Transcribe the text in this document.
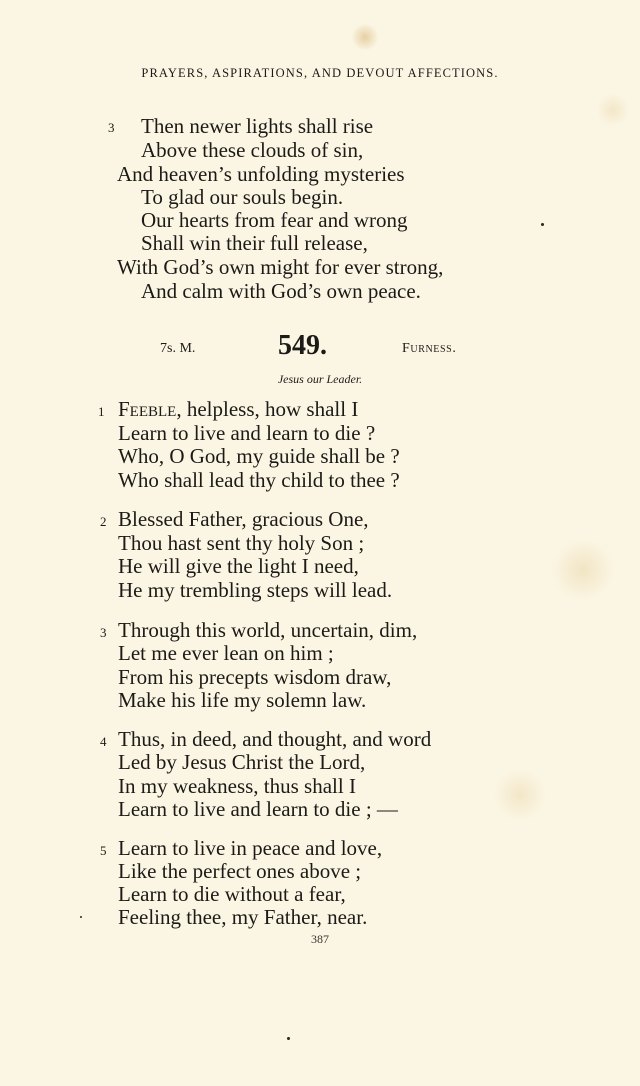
PRAYERS, ASPIRATIONS, AND DEVOUT AFFECTIONS.
3 Then newer lights shall rise
Above these clouds of sin,
And heaven’s unfolding mysteries
To glad our souls begin.
Our hearts from fear and wrong
Shall win their full release,
With God’s own might for ever strong,
And calm with God’s own peace.
7s. M.	549.	Furness.
Jesus our Leader.
1 Feeble, helpless, how shall I
Learn to live and learn to die ?
Who, O God, my guide shall be ?
Who shall lead thy child to thee ?
2 Blessed Father, gracious One,
Thou hast sent thy holy Son ;
He will give the light I need,
He my trembling steps will lead.
3 Through this world, uncertain, dim,
Let me ever lean on him ;
From his precepts wisdom draw,
Make his life my solemn law.
4 Thus, in deed, and thought, and word
Led by Jesus Christ the Lord,
In my weakness, thus shall I
Learn to live and learn to die ; —
5 Learn to live in peace and love,
Like the perfect ones above ;
Learn to die without a fear,
Feeling thee, my Father, near.
387
